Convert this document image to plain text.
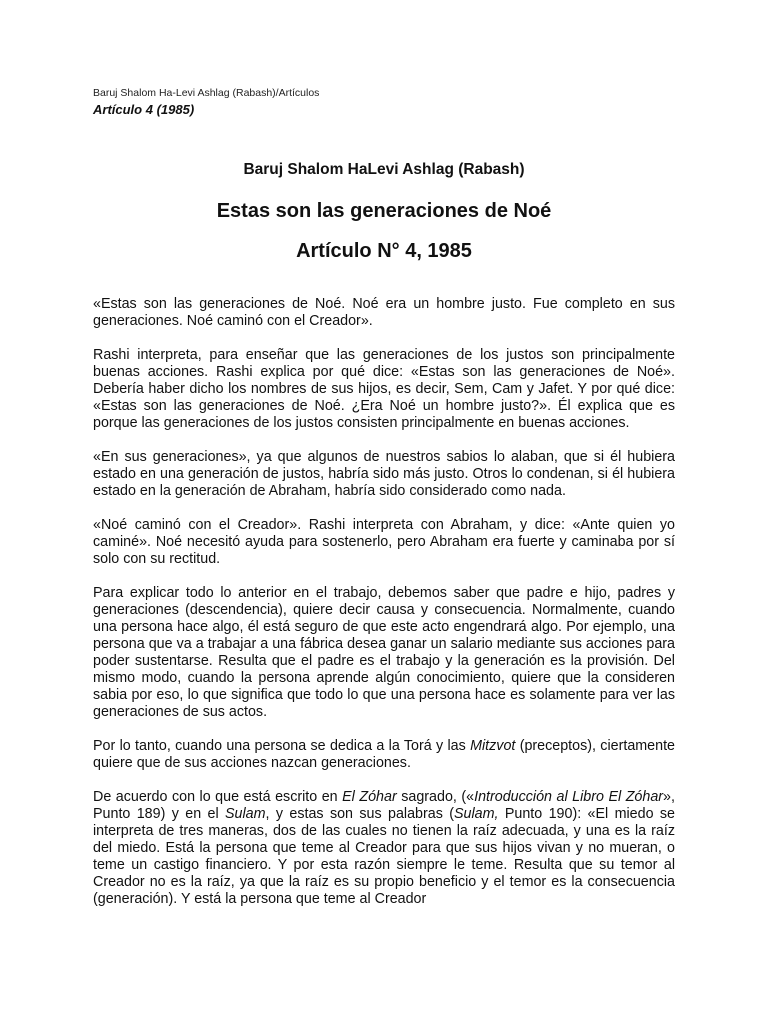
Baruj Shalom Ha-Levi Ashlag (Rabash)/Artículos
Artículo 4 (1985)
Baruj Shalom HaLevi Ashlag (Rabash)
Estas son las generaciones de Noé
Artículo N° 4, 1985

«Estas son las generaciones de Noé. Noé era un hombre justo. Fue completo en sus generaciones. Noé caminó con el Creador».

Rashi interpreta, para enseñar que las generaciones de los justos son principalmente buenas acciones. Rashi explica por qué dice: «Estas son las generaciones de Noé». Debería haber dicho los nombres de sus hijos, es decir, Sem, Cam y Jafet. Y por qué dice: «Estas son las generaciones de Noé. ¿Era Noé un hombre justo?». Él explica que es porque las generaciones de los justos consisten principalmente en buenas acciones.

«En sus generaciones», ya que algunos de nuestros sabios lo alaban, que si él hubiera estado en una generación de justos, habría sido más justo. Otros lo condenan, si él hubiera estado en la generación de Abraham, habría sido considerado como nada.

«Noé caminó con el Creador». Rashi interpreta con Abraham, y dice: «Ante quien yo caminé». Noé necesitó ayuda para sostenerlo, pero Abraham era fuerte y caminaba por sí solo con su rectitud.

Para explicar todo lo anterior en el trabajo, debemos saber que padre e hijo, padres y generaciones (descendencia), quiere decir causa y consecuencia. Normalmente, cuando una persona hace algo, él está seguro de que este acto engendrará algo. Por ejemplo, una persona que va a trabajar a una fábrica desea ganar un salario mediante sus acciones para poder sustentarse. Resulta que el padre es el trabajo y la generación es la provisión. Del mismo modo, cuando la persona aprende algún conocimiento, quiere que la consideren sabia por eso, lo que significa que todo lo que una persona hace es solamente para ver las generaciones de sus actos.

Por lo tanto, cuando una persona se dedica a la Torá y las Mitzvot (preceptos), ciertamente quiere que de sus acciones nazcan generaciones.

De acuerdo con lo que está escrito en El Zóhar sagrado, («Introducción al Libro El Zóhar», Punto 189) y en el Sulam, y estas son sus palabras (Sulam, Punto 190): «El miedo se interpreta de tres maneras, dos de las cuales no tienen la raíz adecuada, y una es la raíz del miedo. Está la persona que teme al Creador para que sus hijos vivan y no mueran, o teme un castigo financiero. Y por esta razón siempre le teme. Resulta que su temor al Creador no es la raíz, ya que la raíz es su propio beneficio y el temor es la consecuencia (generación). Y está la persona que teme al Creador
